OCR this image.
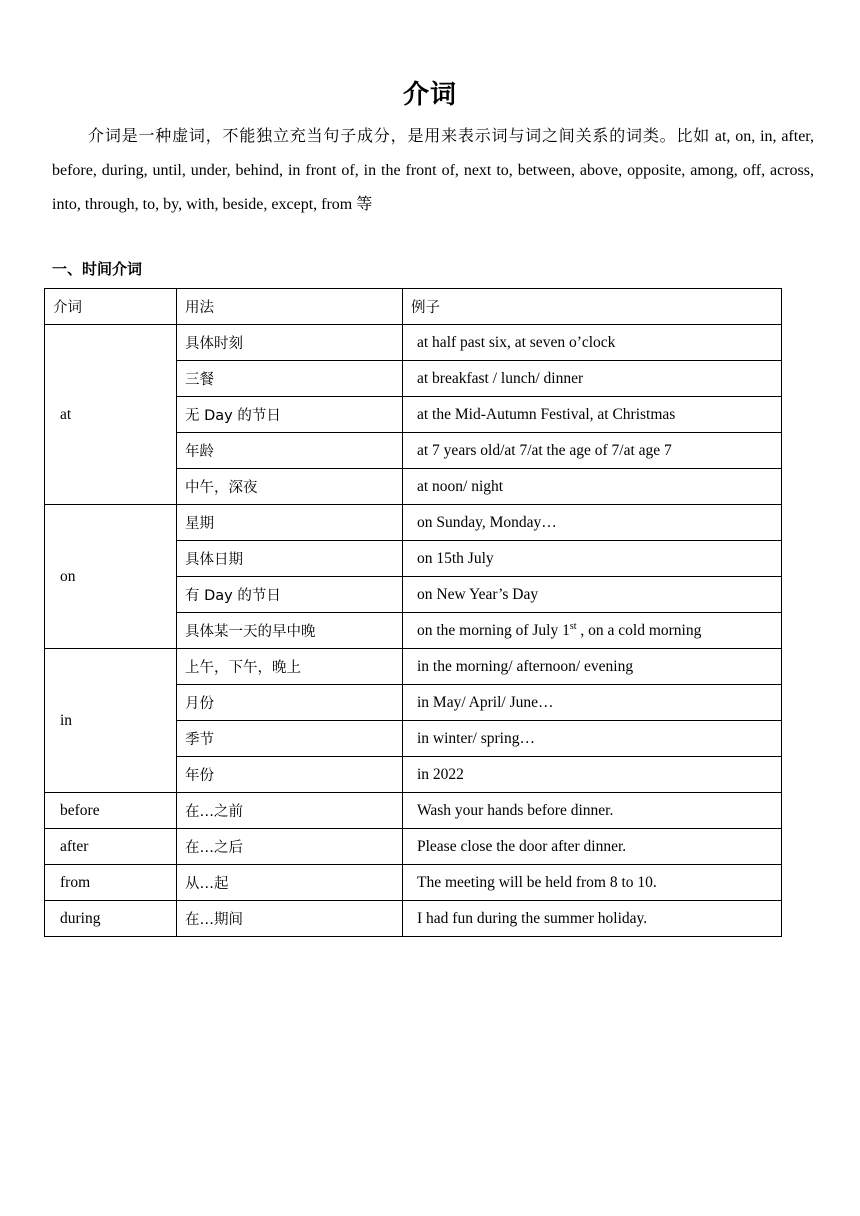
介词

介词是一种虚词，不能独立充当句子成分，是用来表示词与词之间关系的词类。比如 at, on, in, after, before, during, until, under, behind, in front of, in the front of, next to, between, above, opposite, among, off, across, into, through, to, by, with, beside, except, from 等

一、时间介词
介词	用法	例子
at	具体时刻	at half past six, at seven o’clock
	三餐	at breakfast / lunch/ dinner
	无 Day 的节日	at the Mid-Autumn Festival, at Christmas
	年龄	at 7 years old/at 7/at the age of 7/at age 7
	中午，深夜	at noon/ night
on	星期	on Sunday, Monday…
	具体日期	on 15th July
	有 Day 的节日	on New Year’s Day
	具体某一天的早中晚	on the morning of July 1st , on a cold morning
in	上午，下午，晚上	in the morning/ afternoon/ evening
	月份	in May/ April/ June…
	季节	in winter/ spring…
	年份	in 2022
before	在…之前	Wash your hands before dinner.
after	在…之后	Please close the door after dinner.
from	从…起	The meeting will be held from 8 to 10.
during	在…期间	I had fun during the summer holiday.
